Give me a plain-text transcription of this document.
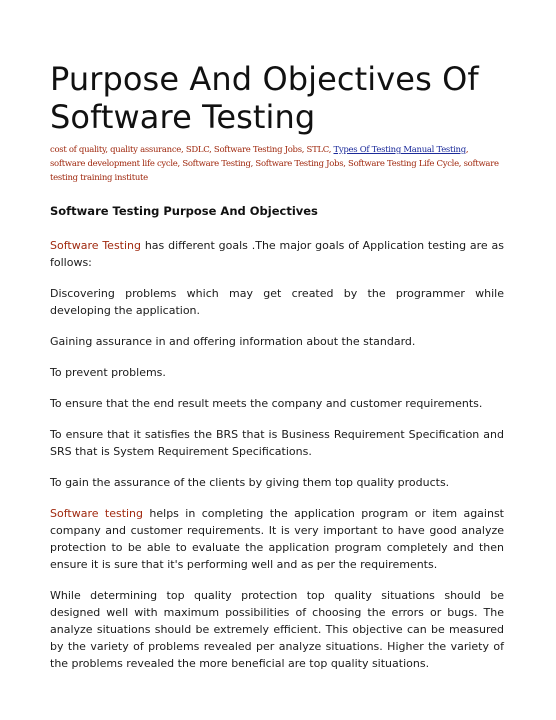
Purpose And Objectives Of Software Testing

cost of quality, quality assurance, SDLC, Software Testing Jobs, STLC, Types Of Testing Manual Testing, software development life cycle, Software Testing, Software Testing Jobs, Software Testing Life Cycle, software testing training institute

Software Testing Purpose And Objectives

Software Testing has different goals .The major goals of Application testing are as follows:

Discovering problems which may get created by the programmer while developing the application.

Gaining assurance in and offering information about the standard.

To prevent problems.

To ensure that the end result meets the company and customer requirements.

To ensure that it satisfies the BRS that is Business Requirement Specification and SRS that is System Requirement Specifications.

To gain the assurance of the clients by giving them top quality products.

Software testing helps in completing the application program or item against company and customer requirements. It is very important to have good analyze protection to be able to evaluate the application program completely and then ensure it is sure that it's performing well and as per the requirements.

While determining top quality protection top quality situations should be designed well with maximum possibilities of choosing the errors or bugs. The analyze situations should be extremely efficient. This objective can be measured by the variety of problems revealed per analyze situations. Higher the variety of the problems revealed the more beneficial are top quality situations.
